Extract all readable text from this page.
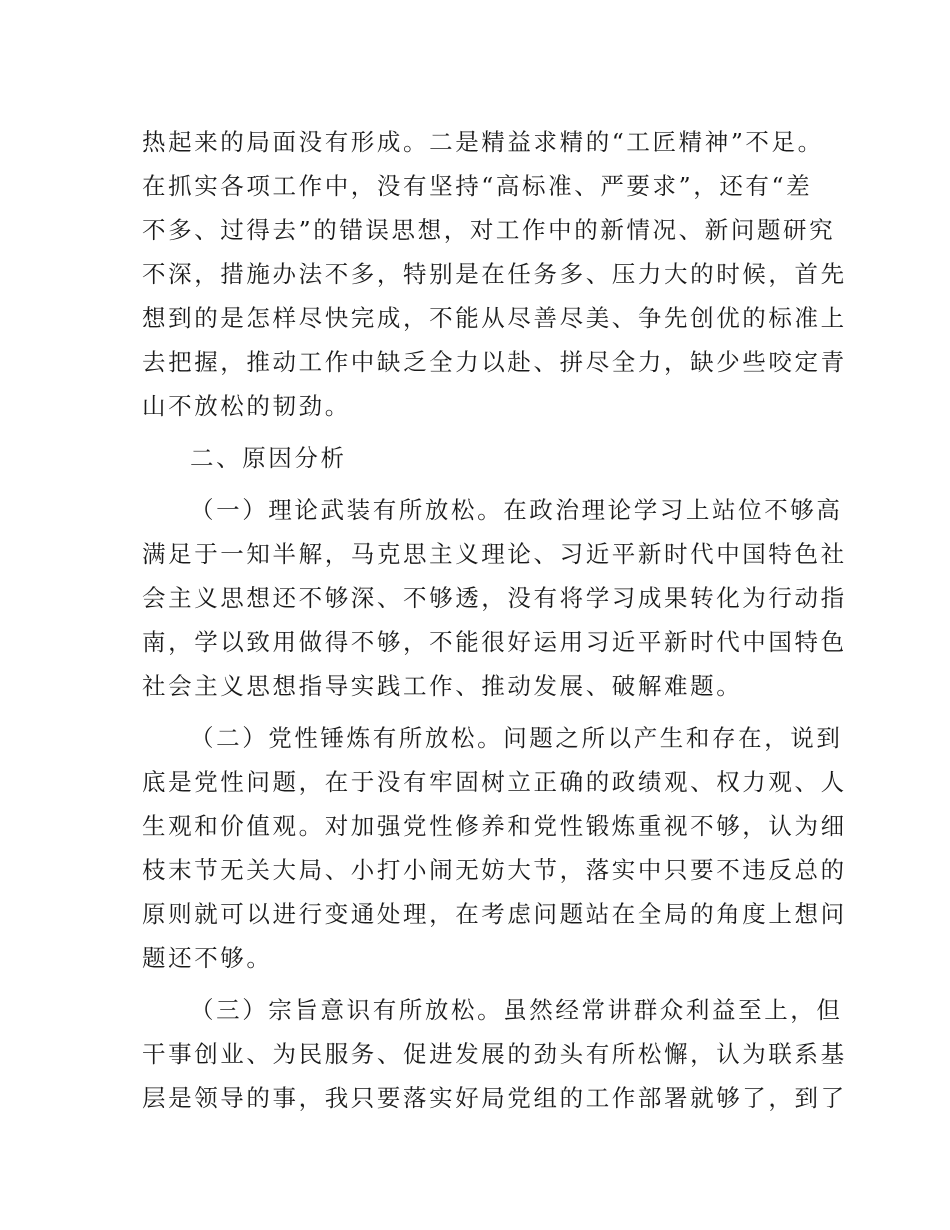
热起来的局面没有形成。二是精益求精的“工匠精神”不足。
在抓实各项工作中，没有坚持“高标准、严要求”，还有“差
不多、过得去”的错误思想，对工作中的新情况、新问题研究
不深，措施办法不多，特别是在任务多、压力大的时候，首先
想到的是怎样尽快完成，不能从尽善尽美、争先创优的标准上
去把握，推动工作中缺乏全力以赴、拼尽全力，缺少些咬定青
山不放松的韧劲。
二、原因分析
（一）理论武装有所放松。在政治理论学习上站位不够高
满足于一知半解，马克思主义理论、习近平新时代中国特色社
会主义思想还不够深、不够透，没有将学习成果转化为行动指
南，学以致用做得不够，不能很好运用习近平新时代中国特色
社会主义思想指导实践工作、推动发展、破解难题。
（二）党性锤炼有所放松。问题之所以产生和存在，说到
底是党性问题，在于没有牢固树立正确的政绩观、权力观、人
生观和价值观。对加强党性修养和党性锻炼重视不够，认为细
枝末节无关大局、小打小闹无妨大节，落实中只要不违反总的
原则就可以进行变通处理，在考虑问题站在全局的角度上想问
题还不够。
（三）宗旨意识有所放松。虽然经常讲群众利益至上，但
干事创业、为民服务、促进发展的劲头有所松懈，认为联系基
层是领导的事，我只要落实好局党组的工作部署就够了，到了
